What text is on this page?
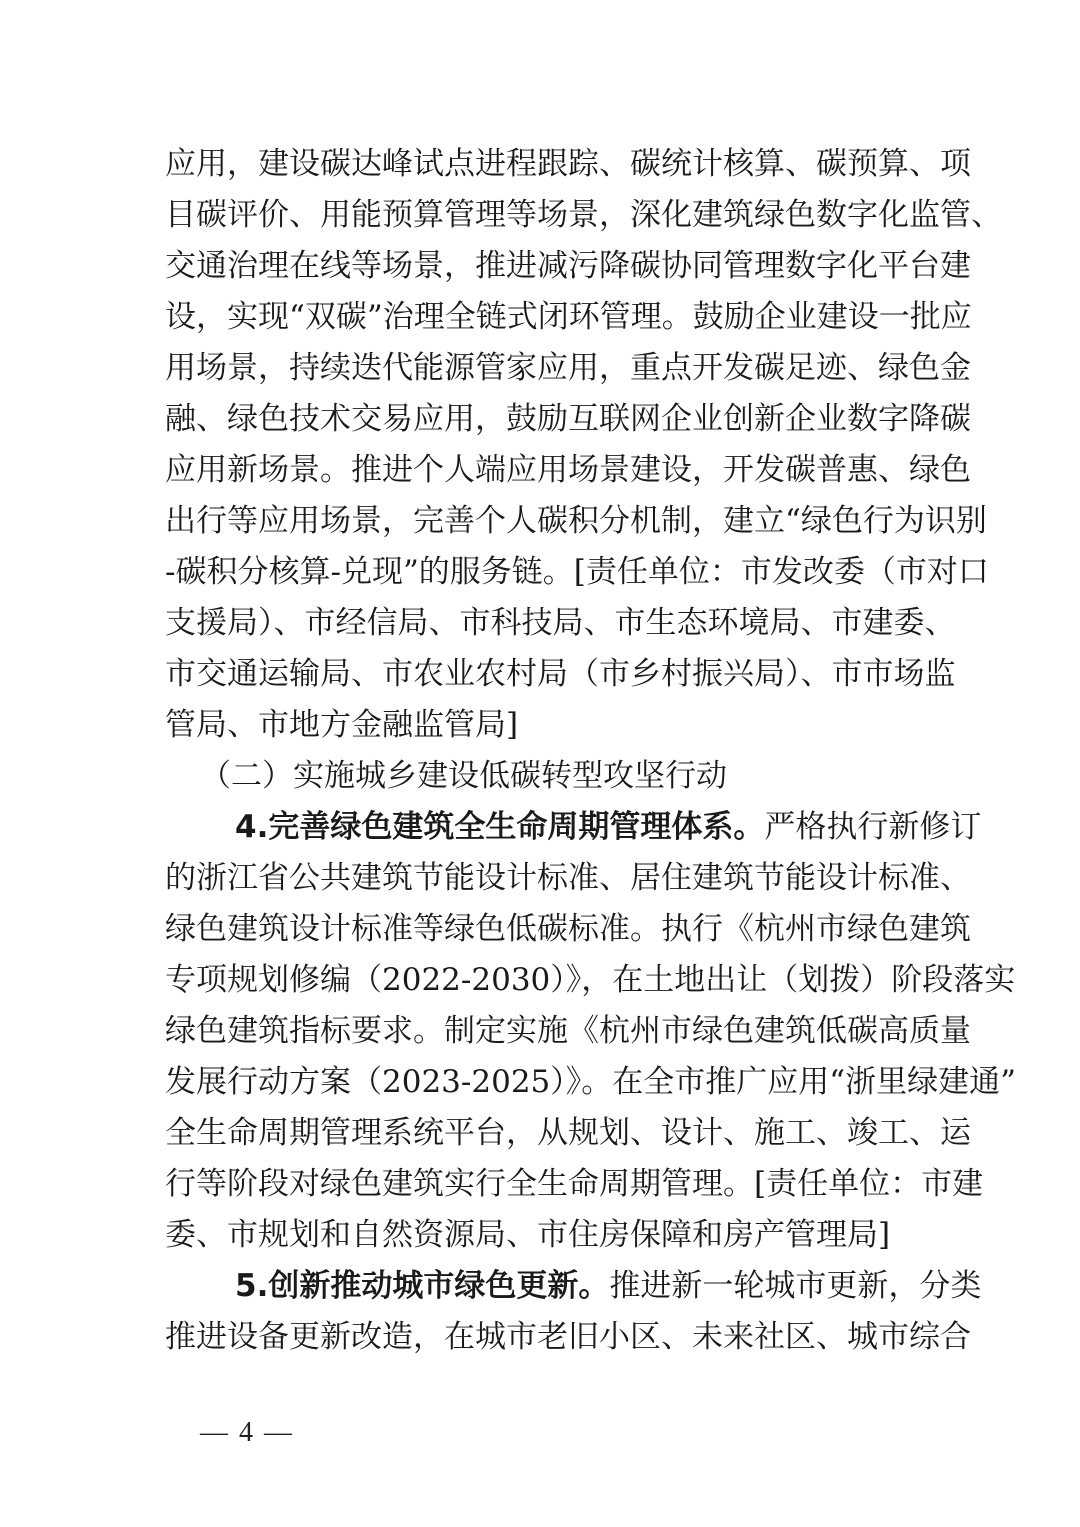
应用，建设碳达峰试点进程跟踪、碳统计核算、碳预算、项
目碳评价、用能预算管理等场景，深化建筑绿色数字化监管、
交通治理在线等场景，推进减污降碳协同管理数字化平台建
设，实现“双碳”治理全链式闭环管理。鼓励企业建设一批应
用场景，持续迭代能源管家应用，重点开发碳足迹、绿色金
融、绿色技术交易应用，鼓励互联网企业创新企业数字降碳
应用新场景。推进个人端应用场景建设，开发碳普惠、绿色
出行等应用场景，完善个人碳积分机制，建立“绿色行为识别
-碳积分核算-兑现”的服务链。[责任单位：市发改委（市对口
支援局）、市经信局、市科技局、市生态环境局、市建委、
市交通运输局、市农业农村局（市乡村振兴局）、市市场监
管局、市地方金融监管局]
（二）实施城乡建设低碳转型攻坚行动
4.完善绿色建筑全生命周期管理体系。严格执行新修订
的浙江省公共建筑节能设计标准、居住建筑节能设计标准、
绿色建筑设计标准等绿色低碳标准。执行《杭州市绿色建筑
专项规划修编（2022-2030）》，在土地出让（划拨）阶段落实
绿色建筑指标要求。制定实施《杭州市绿色建筑低碳高质量
发展行动方案（2023-2025）》。在全市推广应用“浙里绿建通”
全生命周期管理系统平台，从规划、设计、施工、竣工、运
行等阶段对绿色建筑实行全生命周期管理。[责任单位：市建
委、市规划和自然资源局、市住房保障和房产管理局]
5.创新推动城市绿色更新。推进新一轮城市更新，分类
推进设备更新改造，在城市老旧小区、未来社区、城市综合
— 4 —
